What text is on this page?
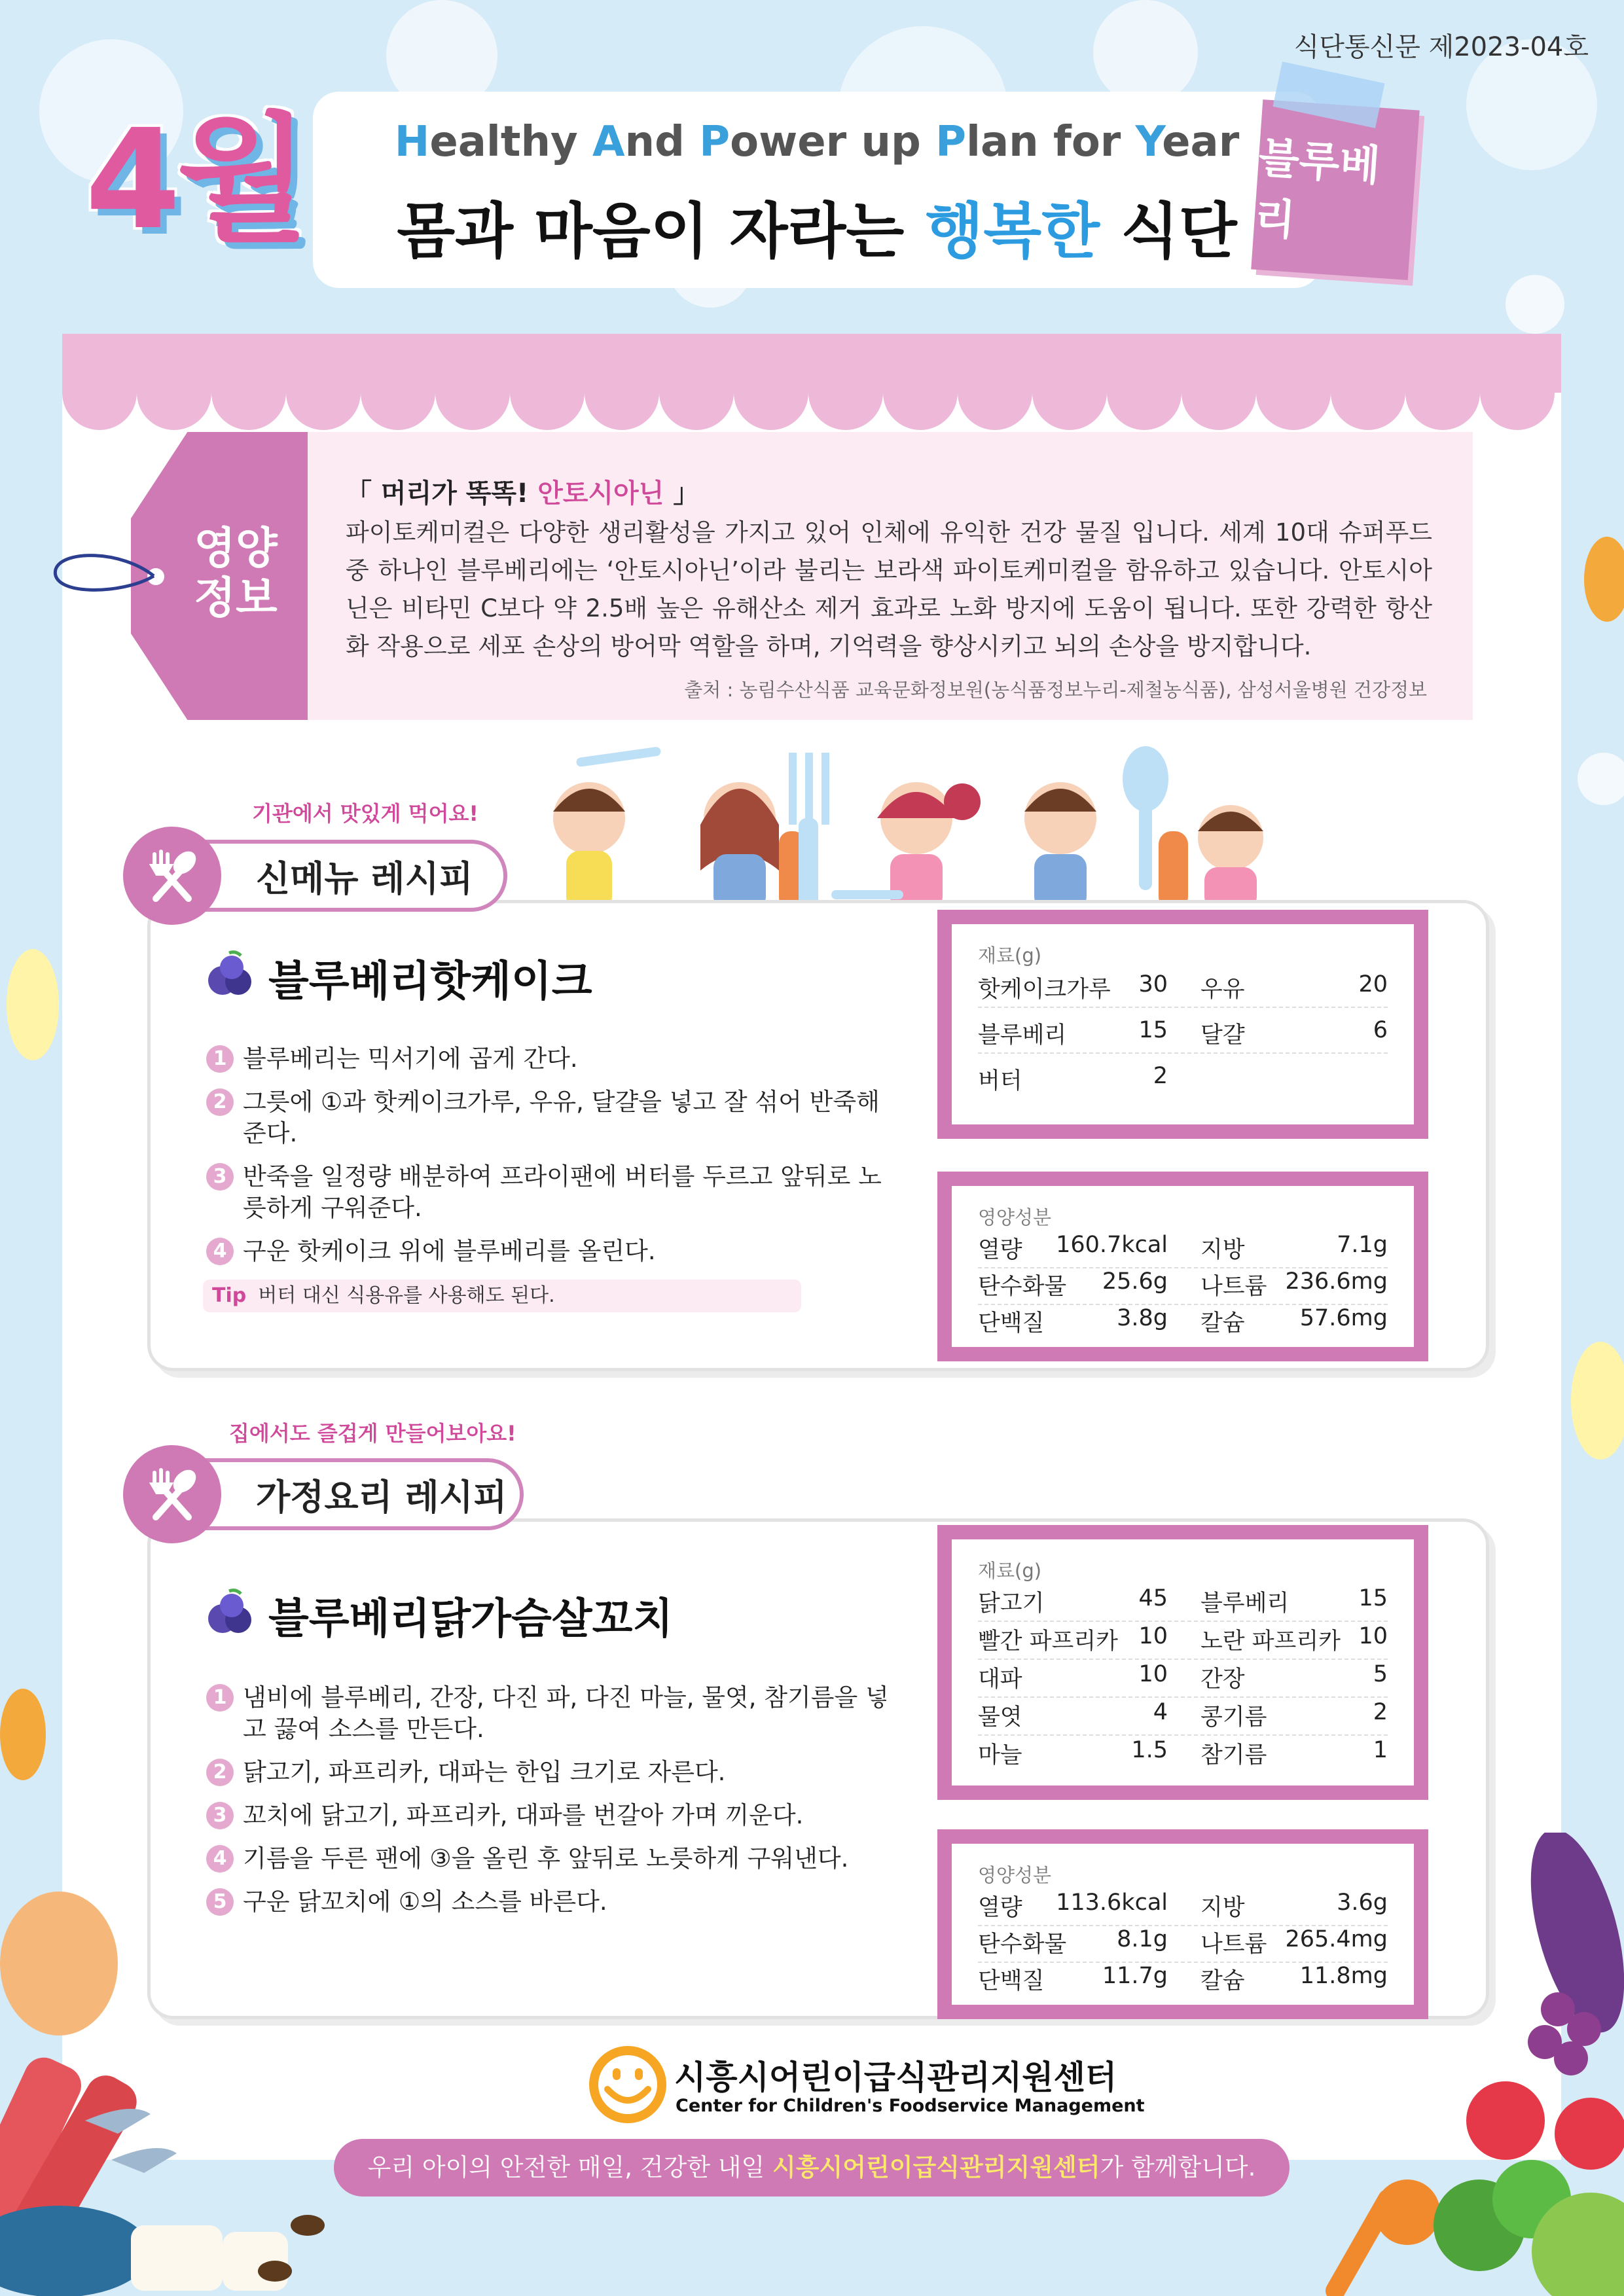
식단통신문 제2023-04호
4월	Healthy And Power up Plan for Year
몸과 마음이 자라는 행복한 식단
블루베리
영양
정보
「 머리가 똑똑! 안토시아닌 」
파이토케미컬은 다양한 생리활성을 가지고 있어 인체에 유익한 건강 물질 입니다. 세계 10대 슈퍼푸드 중 하나인 블루베리에는 ‘안토시아닌’이라 불리는 보라색 파이토케미컬을 함유하고 있습니다. 안토시아닌은 비타민 C보다 약 2.5배 높은 유해산소 제거 효과로 노화 방지에 도움이 됩니다. 또한 강력한 항산화 작용으로 세포 손상의 방어막 역할을 하며, 기억력을 향상시키고 뇌의 손상을 방지합니다.
출처 : 농림수산식품 교육문화정보원(농식품정보누리-제철농식품), 삼성서울병원 건강정보
기관에서 맛있게 먹어요!
신메뉴 레시피
블루베리핫케이크
1 블루베리는 믹서기에 곱게 간다.
2 그릇에 ①과 핫케이크가루, 우유, 달걀을 넣고 잘 섞어 반죽해준다.
3 반죽을 일정량 배분하여 프라이팬에 버터를 두르고 앞뒤로 노릇하게 구워준다.
4 구운 핫케이크 위에 블루베리를 올린다.
Tip 버터 대신 식용유를 사용해도 된다.
재료(g)
핫케이크가루	30 우유	20
블루베리	15 달걀	6
버터	2
영양성분
열량	160.7kcal 지방	7.1g
탄수화물	25.6g 나트륨 236.6mg
단백질	3.8g 칼슘 57.6mg
집에서도 즐겁게 만들어보아요!
가정요리 레시피
블루베리닭가슴살꼬치
1 냄비에 블루베리, 간장, 다진 파, 다진 마늘, 물엿, 참기름을 넣고 끓여 소스를 만든다.
2 닭고기, 파프리카, 대파는 한입 크기로 자른다.
3 꼬치에 닭고기, 파프리카, 대파를 번갈아 가며 끼운다.
4 기름을 두른 팬에 ③을 올린 후 앞뒤로 노릇하게 구워낸다.
5 구운 닭꼬치에 ①의 소스를 바른다.
재료(g)
닭고기	45 블루베리	15
빨간 파프리카 10 노란 파프리카 10
대파	10 간장	5
물엿	4 콩기름	2
마늘	1.5 참기름	1
영양성분
열량	113.6kcal 지방	3.6g
탄수화물	8.1g 나트륨 265.4mg
단백질	11.7g 칼슘 11.8mg
시흥시어린이급식관리지원센터
Center for Children's Foodservice Management
우리 아이의 안전한 매일, 건강한 내일 시흥시어린이급식관리지원센터가 함께합니다.
